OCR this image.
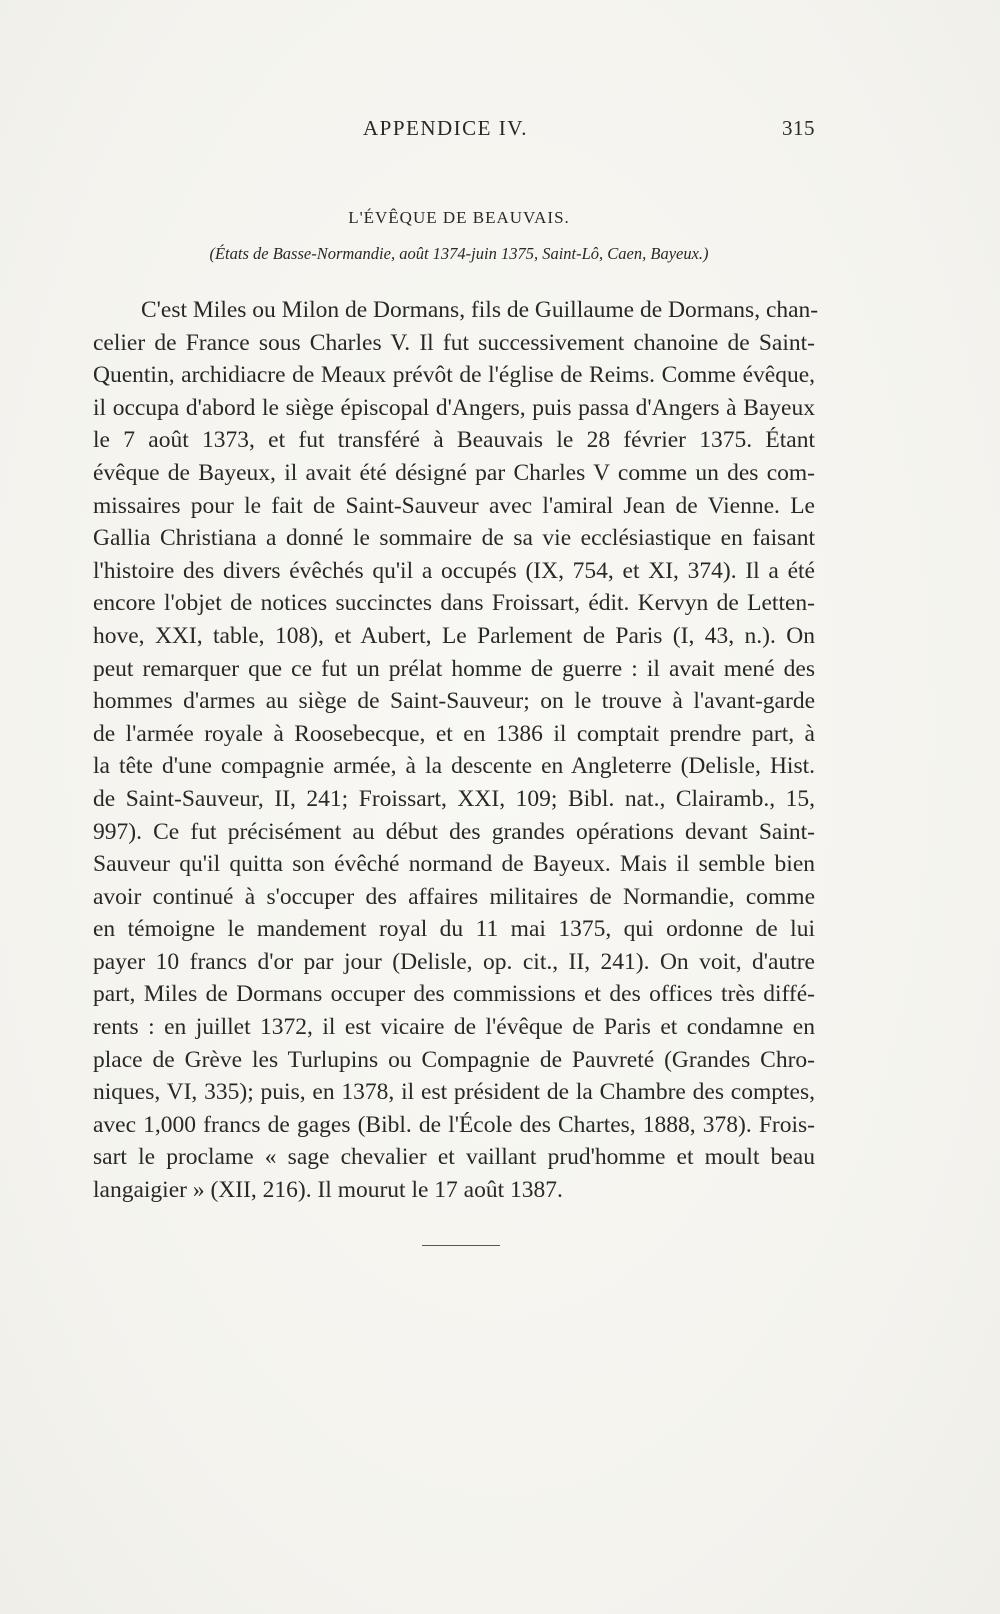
APPENDICE IV.	315
L'ÉVÊQUE DE BEAUVAIS.
(États de Basse-Normandie, août 1374-juin 1375, Saint-Lô, Caen, Bayeux.)
C'est Miles ou Milon de Dormans, fils de Guillaume de Dormans, chan-
celier de France sous Charles V. Il fut successivement chanoine de Saint-
Quentin, archidiacre de Meaux prévôt de l'église de Reims. Comme évêque,
il occupa d'abord le siège épiscopal d'Angers, puis passa d'Angers à Bayeux
le 7 août 1373, et fut transféré à Beauvais le 28 février 1375. Étant
évêque de Bayeux, il avait été désigné par Charles V comme un des com-
missaires pour le fait de Saint-Sauveur avec l'amiral Jean de Vienne. Le
Gallia Christiana a donné le sommaire de sa vie ecclésiastique en faisant
l'histoire des divers évêchés qu'il a occupés (IX, 754, et XI, 374). Il a été
encore l'objet de notices succinctes dans Froissart, édit. Kervyn de Letten-
hove, XXI, table, 108), et Aubert, Le Parlement de Paris (I, 43, n.). On
peut remarquer que ce fut un prélat homme de guerre : il avait mené des
hommes d'armes au siège de Saint-Sauveur; on le trouve à l'avant-garde
de l'armée royale à Roosebecque, et en 1386 il comptait prendre part, à
la tête d'une compagnie armée, à la descente en Angleterre (Delisle, Hist.
de Saint-Sauveur, II, 241; Froissart, XXI, 109; Bibl. nat., Clairamb., 15,
997). Ce fut précisément au début des grandes opérations devant Saint-
Sauveur qu'il quitta son évêché normand de Bayeux. Mais il semble bien
avoir continué à s'occuper des affaires militaires de Normandie, comme
en témoigne le mandement royal du 11 mai 1375, qui ordonne de lui
payer 10 francs d'or par jour (Delisle, op. cit., II, 241). On voit, d'autre
part, Miles de Dormans occuper des commissions et des offices très diffé-
rents : en juillet 1372, il est vicaire de l'évêque de Paris et condamne en
place de Grève les Turlupins ou Compagnie de Pauvreté (Grandes Chro-
niques, VI, 335); puis, en 1378, il est président de la Chambre des comptes,
avec 1,000 francs de gages (Bibl. de l'École des Chartes, 1888, 378). Frois-
sart le proclame « sage chevalier et vaillant prud'homme et moult beau
langaigier » (XII, 216). Il mourut le 17 août 1387.
